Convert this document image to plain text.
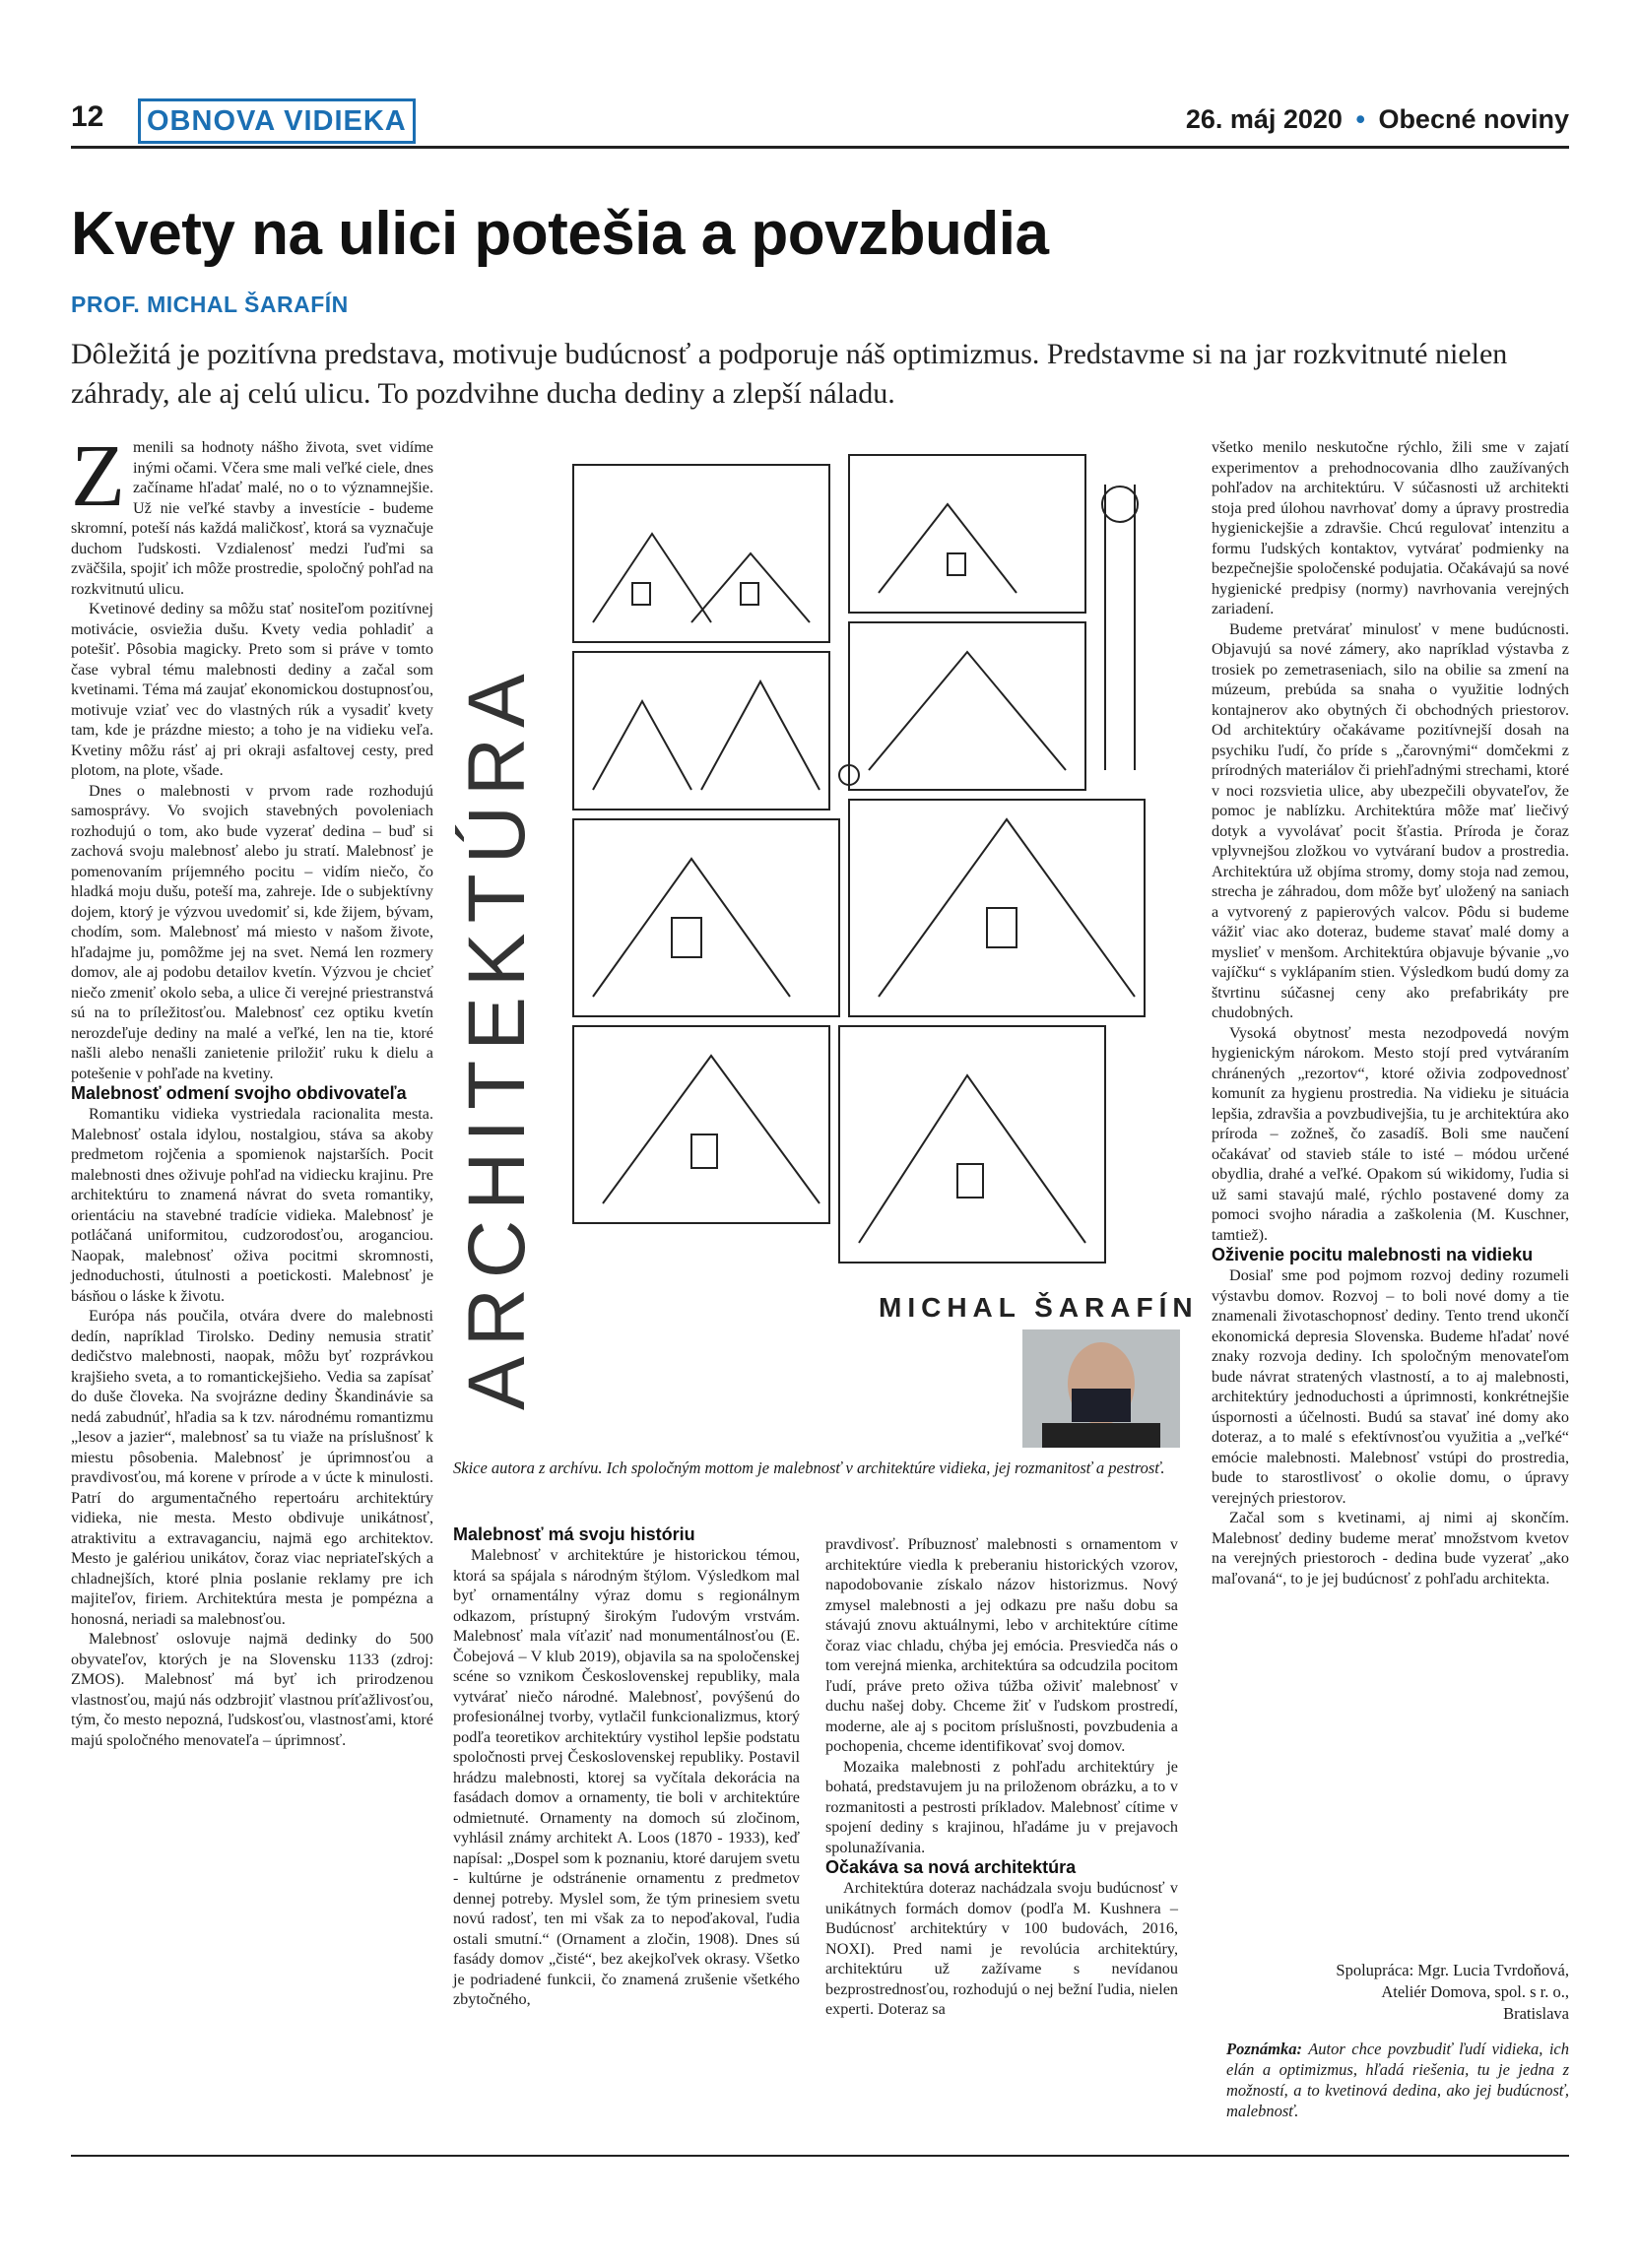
12	OBNOVA VIDIEKA	26. máj 2020 • Obecné noviny
Kvety na ulici potešia a povzbudia
PROF. MICHAL ŠARAFÍN
Dôležitá je pozitívna predstava, motivuje budúcnosť a podporuje náš optimizmus. Predstavme si na jar rozkvitnuté nielen záhrady, ale aj celú ulicu. To pozdvihne ducha dediny a zlepší náladu.

Zmenili sa hodnoty nášho života, svet vidíme inými očami. Včera sme mali veľké ciele, dnes začíname hľadať malé, no o to významnejšie. Už nie veľké stavby a investície - budeme skromní, poteší nás každá maličkosť, ktorá sa vyznačuje duchom ľudskosti. Vzdialenosť medzi ľuďmi sa zväčšila, spojiť ich môže prostredie, spoločný pohľad na rozkvitnutú ulicu.

Kvetinové dediny sa môžu stať nositeľom pozitívnej motivácie, osviežia dušu. Kvety vedia pohladiť a potešiť. Pôsobia magicky. Preto som si práve v tomto čase vybral tému malebnosti dediny a začal som kvetinami. Téma má zaujať ekonomickou dostupnosťou, motivuje vziať vec do vlastných rúk a vysadiť kvety tam, kde je prázdne miesto; a toho je na vidieku veľa. Kvetiny môžu rásť aj pri okraji asfaltovej cesty, pred plotom, na plote, všade.

Dnes o malebnosti v prvom rade rozhodujú samosprávy. Vo svojich stavebných povoleniach rozhodujú o tom, ako bude vyzerať dedina – buď si zachová svoju malebnosť alebo ju stratí. Malebnosť je pomenovaním príjemného pocitu – vidím niečo, čo hladká moju dušu, poteší ma, zahreje. Ide o subjektívny dojem, ktorý je výzvou uvedomiť si, kde žijem, bývam, chodím, som. Malebnosť má miesto v našom živote, hľadajme ju, pomôžme jej na svet. Nemá len rozmery domov, ale aj podobu detailov kvetín. Výzvou je chcieť niečo zmeniť okolo seba, a ulice či verejné priestranstvá sú na to príležitosťou. Malebnosť cez optiku kvetín nerozdeľuje dediny na malé a veľké, len na tie, ktoré našli alebo nenašli zanietenie priložiť ruku k dielu a potešenie v pohľade na kvetiny.

Malebnosť odmení svojho obdivovateľa

Romantiku vidieka vystriedala racionalita mesta. Malebnosť ostala idylou, nostalgiou, stáva sa akoby predmetom rojčenia a spomienok najstarších. Pocit malebnosti dnes oživuje pohľad na vidiecku krajinu. Pre architektúru to znamená návrat do sveta romantiky, orientáciu na stavebné tradície vidieka. Malebnosť je potláčaná uniformitou, cudzorodosťou, aroganciou. Naopak, malebnosť oživa pocitmi skromnosti, jednoduchosti, útulnosti a poetickosti. Malebnosť je básňou o láske k životu.

Európa nás poučila, otvára dvere do malebnosti dedín, napríklad Tirolsko. Dediny nemusia stratiť dedičstvo malebnosti, naopak, môžu byť rozprávkou krajšieho sveta, a to romantickejšieho. Vedia sa zapísať do duše človeka. Na svojrázne dediny Škandinávie sa nedá zabudnúť, hľadia sa k tzv. národnému romantizmu „lesov a jazier“, malebnosť sa tu viaže na príslušnosť k miestu pôsobenia. Malebnosť je úprimnosťou a pravdivosťou, má korene v prírode a v úcte k minulosti. Patrí do argumentačného repertoáru architektúry vidieka, nie mesta. Mesto obdivuje unikátnosť, atraktivitu a extravaganciu, najmä ego architektov. Mesto je galériou unikátov, čoraz viac nepriateľských a chladnejších, ktoré plnia poslanie reklamy pre ich majiteľov, firiem. Architektúra mesta je pompézna a honosná, neriadi sa malebnosťou.

Malebnosť oslovuje najmä dedinky do 500 obyvateľov, ktorých je na Slovensku 1133 (zdroj: ZMOS). Malebnosť má byť ich prirodzenou vlastnosťou, majú nás odzbrojiť vlastnou príťažlivosťou, tým, čo mesto nepozná, ľudskosťou, vlastnosťami, ktoré majú spoločného menovateľa – úprimnosť.

ARCHITEKTÚRA	MICHAL ŠARAFÍN
Skice autora z archívu. Ich spoločným mottom je malebnosť v architektúre vidieka, jej rozmanitosť a pestrosť.

Malebnosť má svoju históriu

Malebnosť v architektúre je historickou témou, ktorá sa spájala s národným štýlom. Výsledkom mal byť ornamentálny výraz domu s regionálnym odkazom, prístupný širokým ľudovým vrstvám. Malebnosť mala víťaziť nad monumentálnosťou (E. Čobejová – V klub 2019), objavila sa na spoločenskej scéne so vznikom Československej republiky, mala vytvárať niečo národné. Malebnosť, povýšenú do profesionálnej tvorby, vytlačil funkcionalizmus, ktorý podľa teoretikov architektúry vystihol lepšie podstatu spoločnosti prvej Československej republiky. Postavil hrádzu malebnosti, ktorej sa vyčítala dekorácia na fasádach domov a ornamenty, tie boli v architektúre odmietnuté. Ornamenty na domoch sú zločinom, vyhlásil známy architekt A. Loos (1870 - 1933), keď napísal: „Dospel som k poznaniu, ktoré darujem svetu - kultúrne je odstránenie ornamentu z predmetov dennej potreby. Myslel som, že tým prinesiem svetu novú radosť, ten mi však za to nepoďakoval, ľudia ostali smutní.“ (Ornament a zločin, 1908). Dnes sú fasády domov „čisté“, bez akejkoľvek okrasy. Všetko je podriadené funkcii, čo znamená zrušenie všetkého zbytočného,

pravdivosť. Príbuznosť malebnosti s ornamentom v architektúre viedla k preberaniu historických vzorov, napodobovanie získalo názov historizmus. Nový zmysel malebnosti a jej odkazu pre našu dobu sa stávajú znovu aktuálnymi, lebo v architektúre cítime čoraz viac chladu, chýba jej emócia. Presviedča nás o tom verejná mienka, architektúra sa odcudzila pocitom ľudí, práve preto oživa túžba oživiť malebnosť v duchu našej doby. Chceme žiť v ľudskom prostredí, moderne, ale aj s pocitom príslušnosti, povzbudenia a pochopenia, chceme identifikovať svoj domov.

Mozaika malebnosti z pohľadu architektúry je bohatá, predstavujem ju na priloženom obrázku, a to v rozmanitosti a pestrosti príkladov. Malebnosť cítime v spojení dediny s krajinou, hľadáme ju v prejavoch spolunažívania.

Očakáva sa nová architektúra

Architektúra doteraz nachádzala svoju budúcnosť v unikátnych formách domov (podľa M. Kushnera – Budúcnosť architektúry v 100 budovách, 2016, NOXI). Pred nami je revolúcia architektúry, architektúru už zažívame s nevídanou bezprostrednosťou, rozhodujú o nej bežní ľudia, nielen experti. Doteraz sa

všetko menilo neskutočne rýchlo, žili sme v zajatí experimentov a prehodnocovania dlho zaužívaných pohľadov na architektúru. V súčasnosti už architekti stoja pred úlohou navrhovať domy a úpravy prostredia hygienickejšie a zdravšie. Chcú regulovať intenzitu a formu ľudských kontaktov, vytvárať podmienky na bezpečnejšie spoločenské podujatia. Očakávajú sa nové hygienické predpisy (normy) navrhovania verejných zariadení.

Budeme pretvárať minulosť v mene budúcnosti. Objavujú sa nové zámery, ako napríklad výstavba z trosiek po zemetraseniach, silo na obilie sa zmení na múzeum, prebúda sa snaha o využitie lodných kontajnerov ako obytných či obchodných priestorov. Od architektúry očakávame pozitívnejší dosah na psychiku ľudí, čo príde s „čarovnými“ domčekmi z prírodných materiálov či priehľadnými strechami, ktoré v noci rozsvietia ulice, aby ubezpečili obyvateľov, že pomoc je nablízku. Architektúra môže mať liečivý dotyk a vyvolávať pocit šťastia. Príroda je čoraz vplyvnejšou zložkou vo vytváraní budov a prostredia. Architektúra už objíma stromy, domy stoja nad zemou, strecha je záhradou, dom môže byť uložený na saniach a vytvorený z papierových valcov. Pôdu si budeme vážiť viac ako doteraz, budeme stavať malé domy a myslieť v menšom. Architektúra objavuje bývanie „vo vajíčku“ s vyklápaním stien. Výsledkom budú domy za štvrtinu súčasnej ceny ako prefabrikáty pre chudobných.

Vysoká obytnosť mesta nezodpovedá novým hygienickým nárokom. Mesto stojí pred vytváraním chránených „rezortov“, ktoré oživia zodpovednosť komunít za hygienu prostredia. Na vidieku je situácia lepšia, zdravšia a povzbudivejšia, tu je architektúra ako príroda – zožneš, čo zasadíš. Boli sme naučení očakávať od stavieb stále to isté – módou určené obydlia, drahé a veľké. Opakom sú wikidomy, ľudia si už sami stavajú malé, rýchlo postavené domy za pomoci svojho náradia a zaškolenia (M. Kuschner, tamtiež).

Oživenie pocitu malebnosti na vidieku

Dosiaľ sme pod pojmom rozvoj dediny rozumeli výstavbu domov. Rozvoj – to boli nové domy a tie znamenali životaschopnosť dediny. Tento trend ukončí ekonomická depresia Slovenska. Budeme hľadať nové znaky rozvoja dediny. Ich spoločným menovateľom bude návrat stratených vlastností, a to aj malebnosti, architektúry jednoduchosti a úprimnosti, konkrétnejšie úspornosti a účelnosti. Budú sa stavať iné domy ako doteraz, a to malé s efektívnosťou využitia a „veľké“ emócie malebnosti. Malebnosť vstúpi do prostredia, bude to starostlivosť o okolie domu, o úpravy verejných priestorov.

Začal som s kvetinami, aj nimi aj skončím. Malebnosť dediny budeme merať množstvom kvetov na verejných priestoroch - dedina bude vyzerať „ako maľovaná“, to je jej budúcnosť z pohľadu architekta.

Spolupráca: Mgr. Lucia Tvrdoňová,
Ateliér Domova, spol. s r. o.,
Bratislava
Poznámka: Autor chce povzbudiť ľudí vidieka, ich elán a optimizmus, hľadá riešenia, tu je jedna z možností, a to kvetinová dedina, ako jej budúcnosť, malebnosť.
